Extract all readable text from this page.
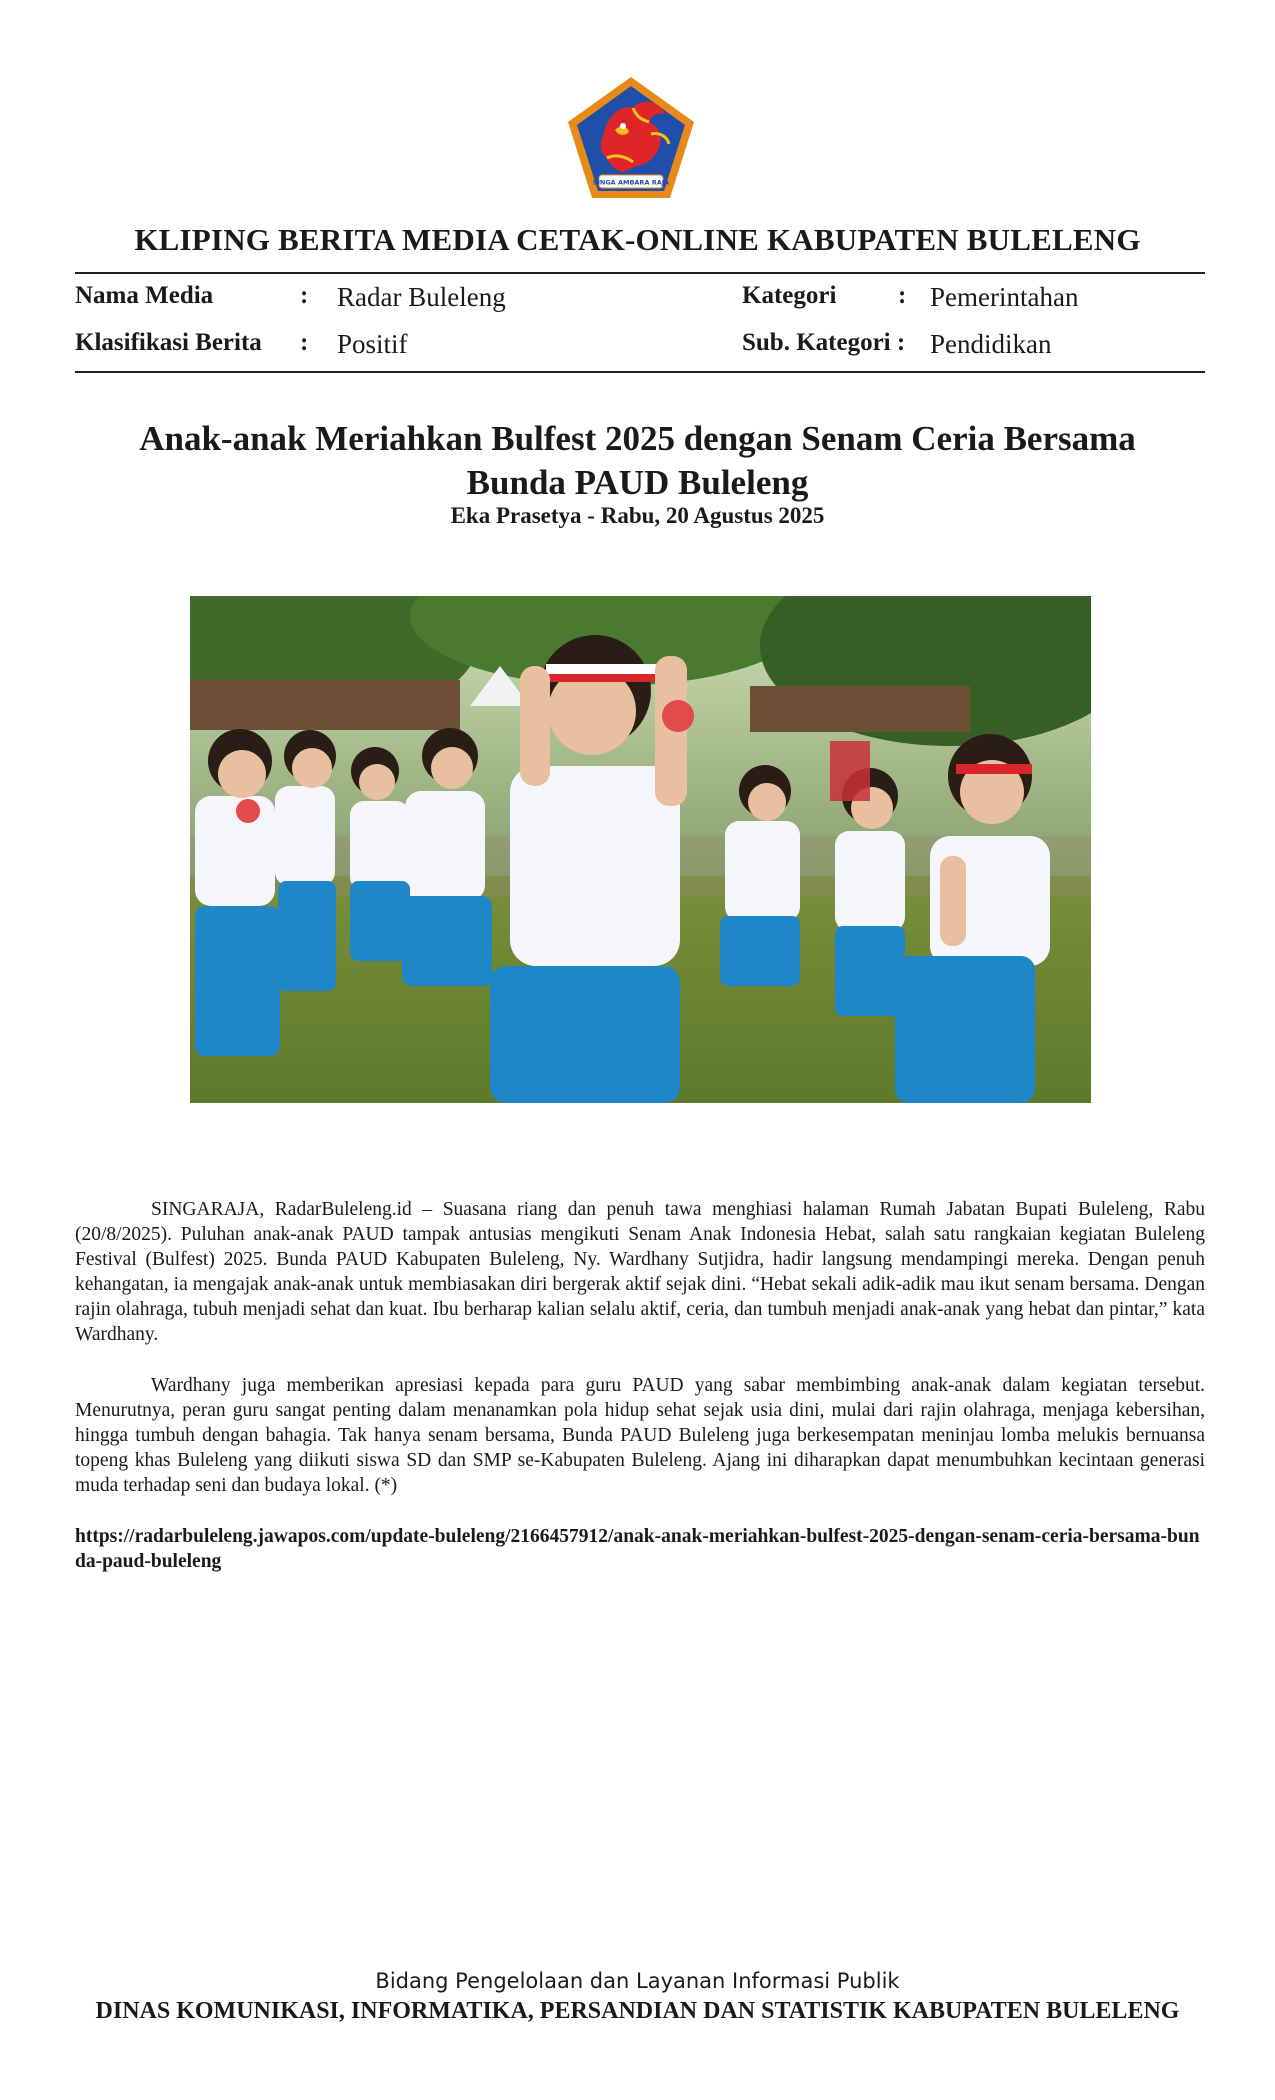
SINGA AMBARA RAJA
KLIPING BERITA MEDIA CETAK-ONLINE KABUPATEN BULELENG
Nama Media	: Radar Buleleng
Klasifikasi Berita : Positif
Kategori : Pemerintahan
Sub. Kategori : Pendidikan
Anak-anak Meriahkan Bulfest 2025 dengan Senam Ceria Bersama
Bunda PAUD Buleleng
Eka Prasetya - Rabu, 20 Agustus 2025

SINGARAJA, RadarBuleleng.id – Suasana riang dan penuh tawa menghiasi halaman Rumah Jabatan Bupati Buleleng, Rabu (20/8/2025). Puluhan anak-anak PAUD tampak antusias mengikuti Senam Anak Indonesia Hebat, salah satu rangkaian kegiatan Buleleng Festival (Bulfest) 2025. Bunda PAUD Kabupaten Buleleng, Ny. Wardhany Sutjidra, hadir langsung mendampingi mereka. Dengan penuh kehangatan, ia mengajak anak-anak untuk membiasakan diri bergerak aktif sejak dini. “Hebat sekali adik-adik mau ikut senam bersama. Dengan rajin olahraga, tubuh menjadi sehat dan kuat. Ibu berharap kalian selalu aktif, ceria, dan tumbuh menjadi anak-anak yang hebat dan pintar,” kata Wardhany.

Wardhany juga memberikan apresiasi kepada para guru PAUD yang sabar membimbing anak-anak dalam kegiatan tersebut. Menurutnya, peran guru sangat penting dalam menanamkan pola hidup sehat sejak usia dini, mulai dari rajin olahraga, menjaga kebersihan, hingga tumbuh dengan bahagia. Tak hanya senam bersama, Bunda PAUD Buleleng juga berkesempatan meninjau lomba melukis bernuansa topeng khas Buleleng yang diikuti siswa SD dan SMP se-Kabupaten Buleleng. Ajang ini diharapkan dapat menumbuhkan kecintaan generasi muda terhadap seni dan budaya lokal. (*)

https://radarbuleleng.jawapos.com/update-buleleng/2166457912/anak-anak-meriahkan-bulfest-2025-dengan-senam-ceria-bersama-bunda-paud-buleleng
Bidang Pengelolaan dan Layanan Informasi Publik
DINAS KOMUNIKASI, INFORMATIKA, PERSANDIAN DAN STATISTIK KABUPATEN BULELENG
